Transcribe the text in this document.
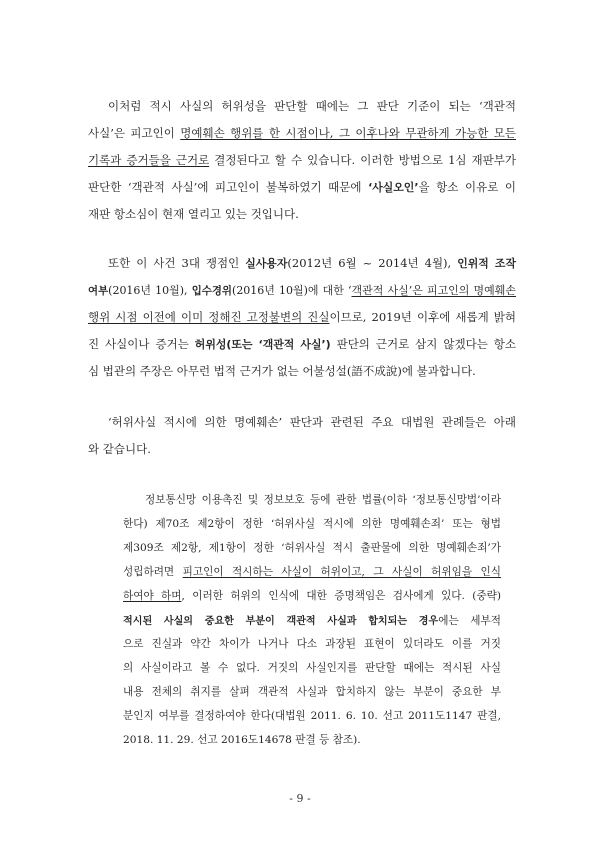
이처럼 적시 사실의 허위성을 판단할 때에는 그 판단 기준이 되는 ‘객관적
사실’은 피고인이 명예훼손 행위를 한 시점이나, 그 이후나와 무관하게 가능한 모든
기록과 증거들을 근거로 결정된다고 할 수 있습니다. 이러한 방법으로 1심 재판부가
판단한 ‘객관적 사실’에 피고인이 불복하였기 때문에 ‘사실오인’을 항소 이유로 이
재판 항소심이 현재 열리고 있는 것입니다.
또한 이 사건 3대 쟁점인 실사용자(2012년 6월 ~ 2014년 4월), 인위적 조작
여부(2016년 10월), 입수경위(2016년 10월)에 대한 ‘객관적 사실’은 피고인의 명예훼손
행위 시점 이전에 이미 정해진 고정불변의 진실이므로, 2019년 이후에 새롭게 밝혀
진 사실이나 증거는 허위성(또는 ‘객관적 사실’) 판단의 근거로 삼지 않겠다는 항소
심 법관의 주장은 아무런 법적 근거가 없는 어불성설(語不成說)에 불과합니다.
‘허위사실 적시에 의한 명예훼손’ 판단과 관련된 주요 대법원 관례들은 아래
와 같습니다.
정보통신망 이용촉진 및 정보보호 등에 관한 법률(이하 ‘정보통신망법’이라
한다) 제70조 제2항이 정한 ‘허위사실 적시에 의한 명예훼손죄’ 또는 형법
제309조 제2항, 제1항이 정한 ‘허위사실 적시 출판물에 의한 명예훼손죄’가
성립하려면 피고인이 적시하는 사실이 허위이고, 그 사실이 허위임을 인식
하여야 하며, 이러한 허위의 인식에 대한 증명책임은 검사에게 있다. (중략)
적시된 사실의 중요한 부분이 객관적 사실과 합치되는 경우에는 세부적
으로 진실과 약간 차이가 나거나 다소 과장된 표현이 있더라도 이를 거짓
의 사실이라고 볼 수 없다. 거짓의 사실인지를 판단할 때에는 적시된 사실
내용 전체의 취지를 살펴 객관적 사실과 합치하지 않는 부분이 중요한 부
분인지 여부를 결정하여야 한다(대법원 2011. 6. 10. 선고 2011도1147 판결,
2018. 11. 29. 선고 2016도14678 판결 등 참조).
- 9 -
